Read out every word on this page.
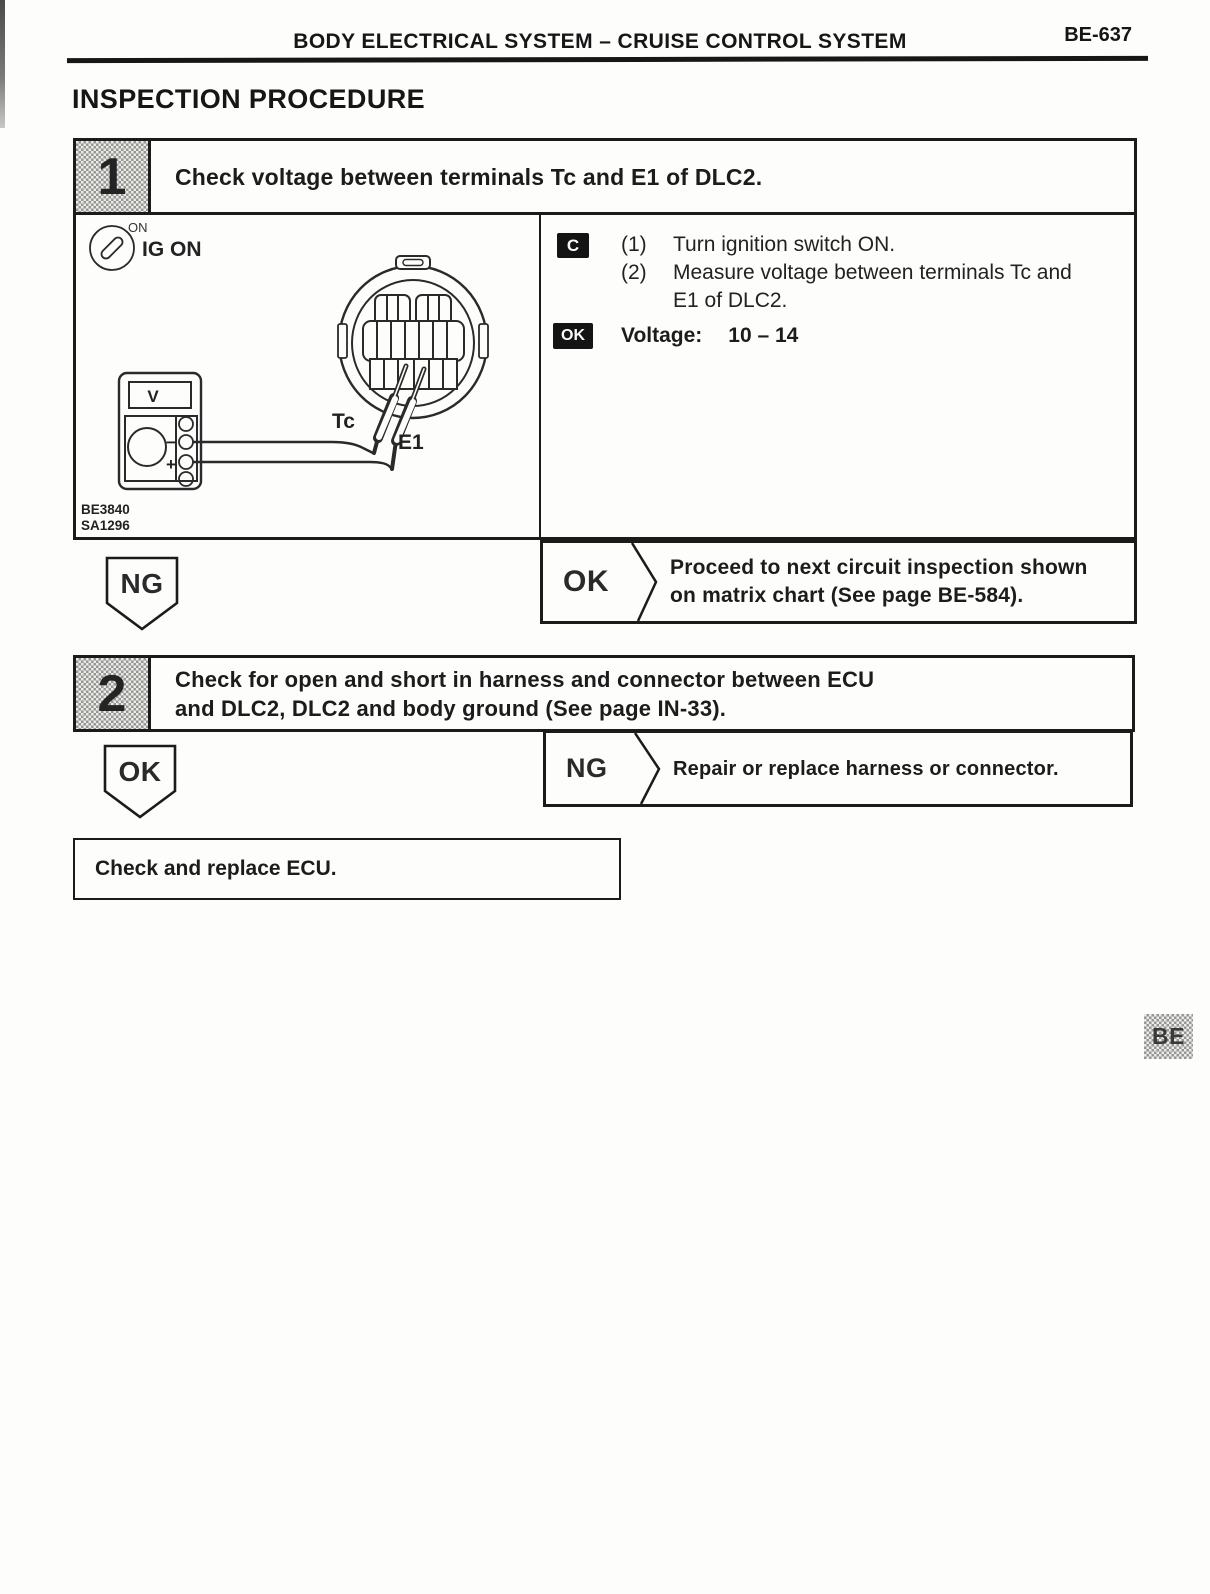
BODY ELECTRICAL SYSTEM – CRUISE CONTROL SYSTEM	BE-637
INSPECTION PROCEDURE
1 Check voltage between terminals Tc and E1 of DLC2.
ON
IG ON
V
−
+
Tc
E1
BE3840
SA1296
C	(1)	Turn ignition switch ON.
(2)	Measure voltage between terminals Tc and
E1 of DLC2.
OK	Voltage: 10 – 14
OK	Proceed to next circuit inspection shown
on matrix chart (See page BE-584).
NG
2 Check for open and short in harness and connector between ECU
and DLC2, DLC2 and body ground (See page IN-33).
NG	Repair or replace harness or connector.
OK
Check and replace ECU.
BE
